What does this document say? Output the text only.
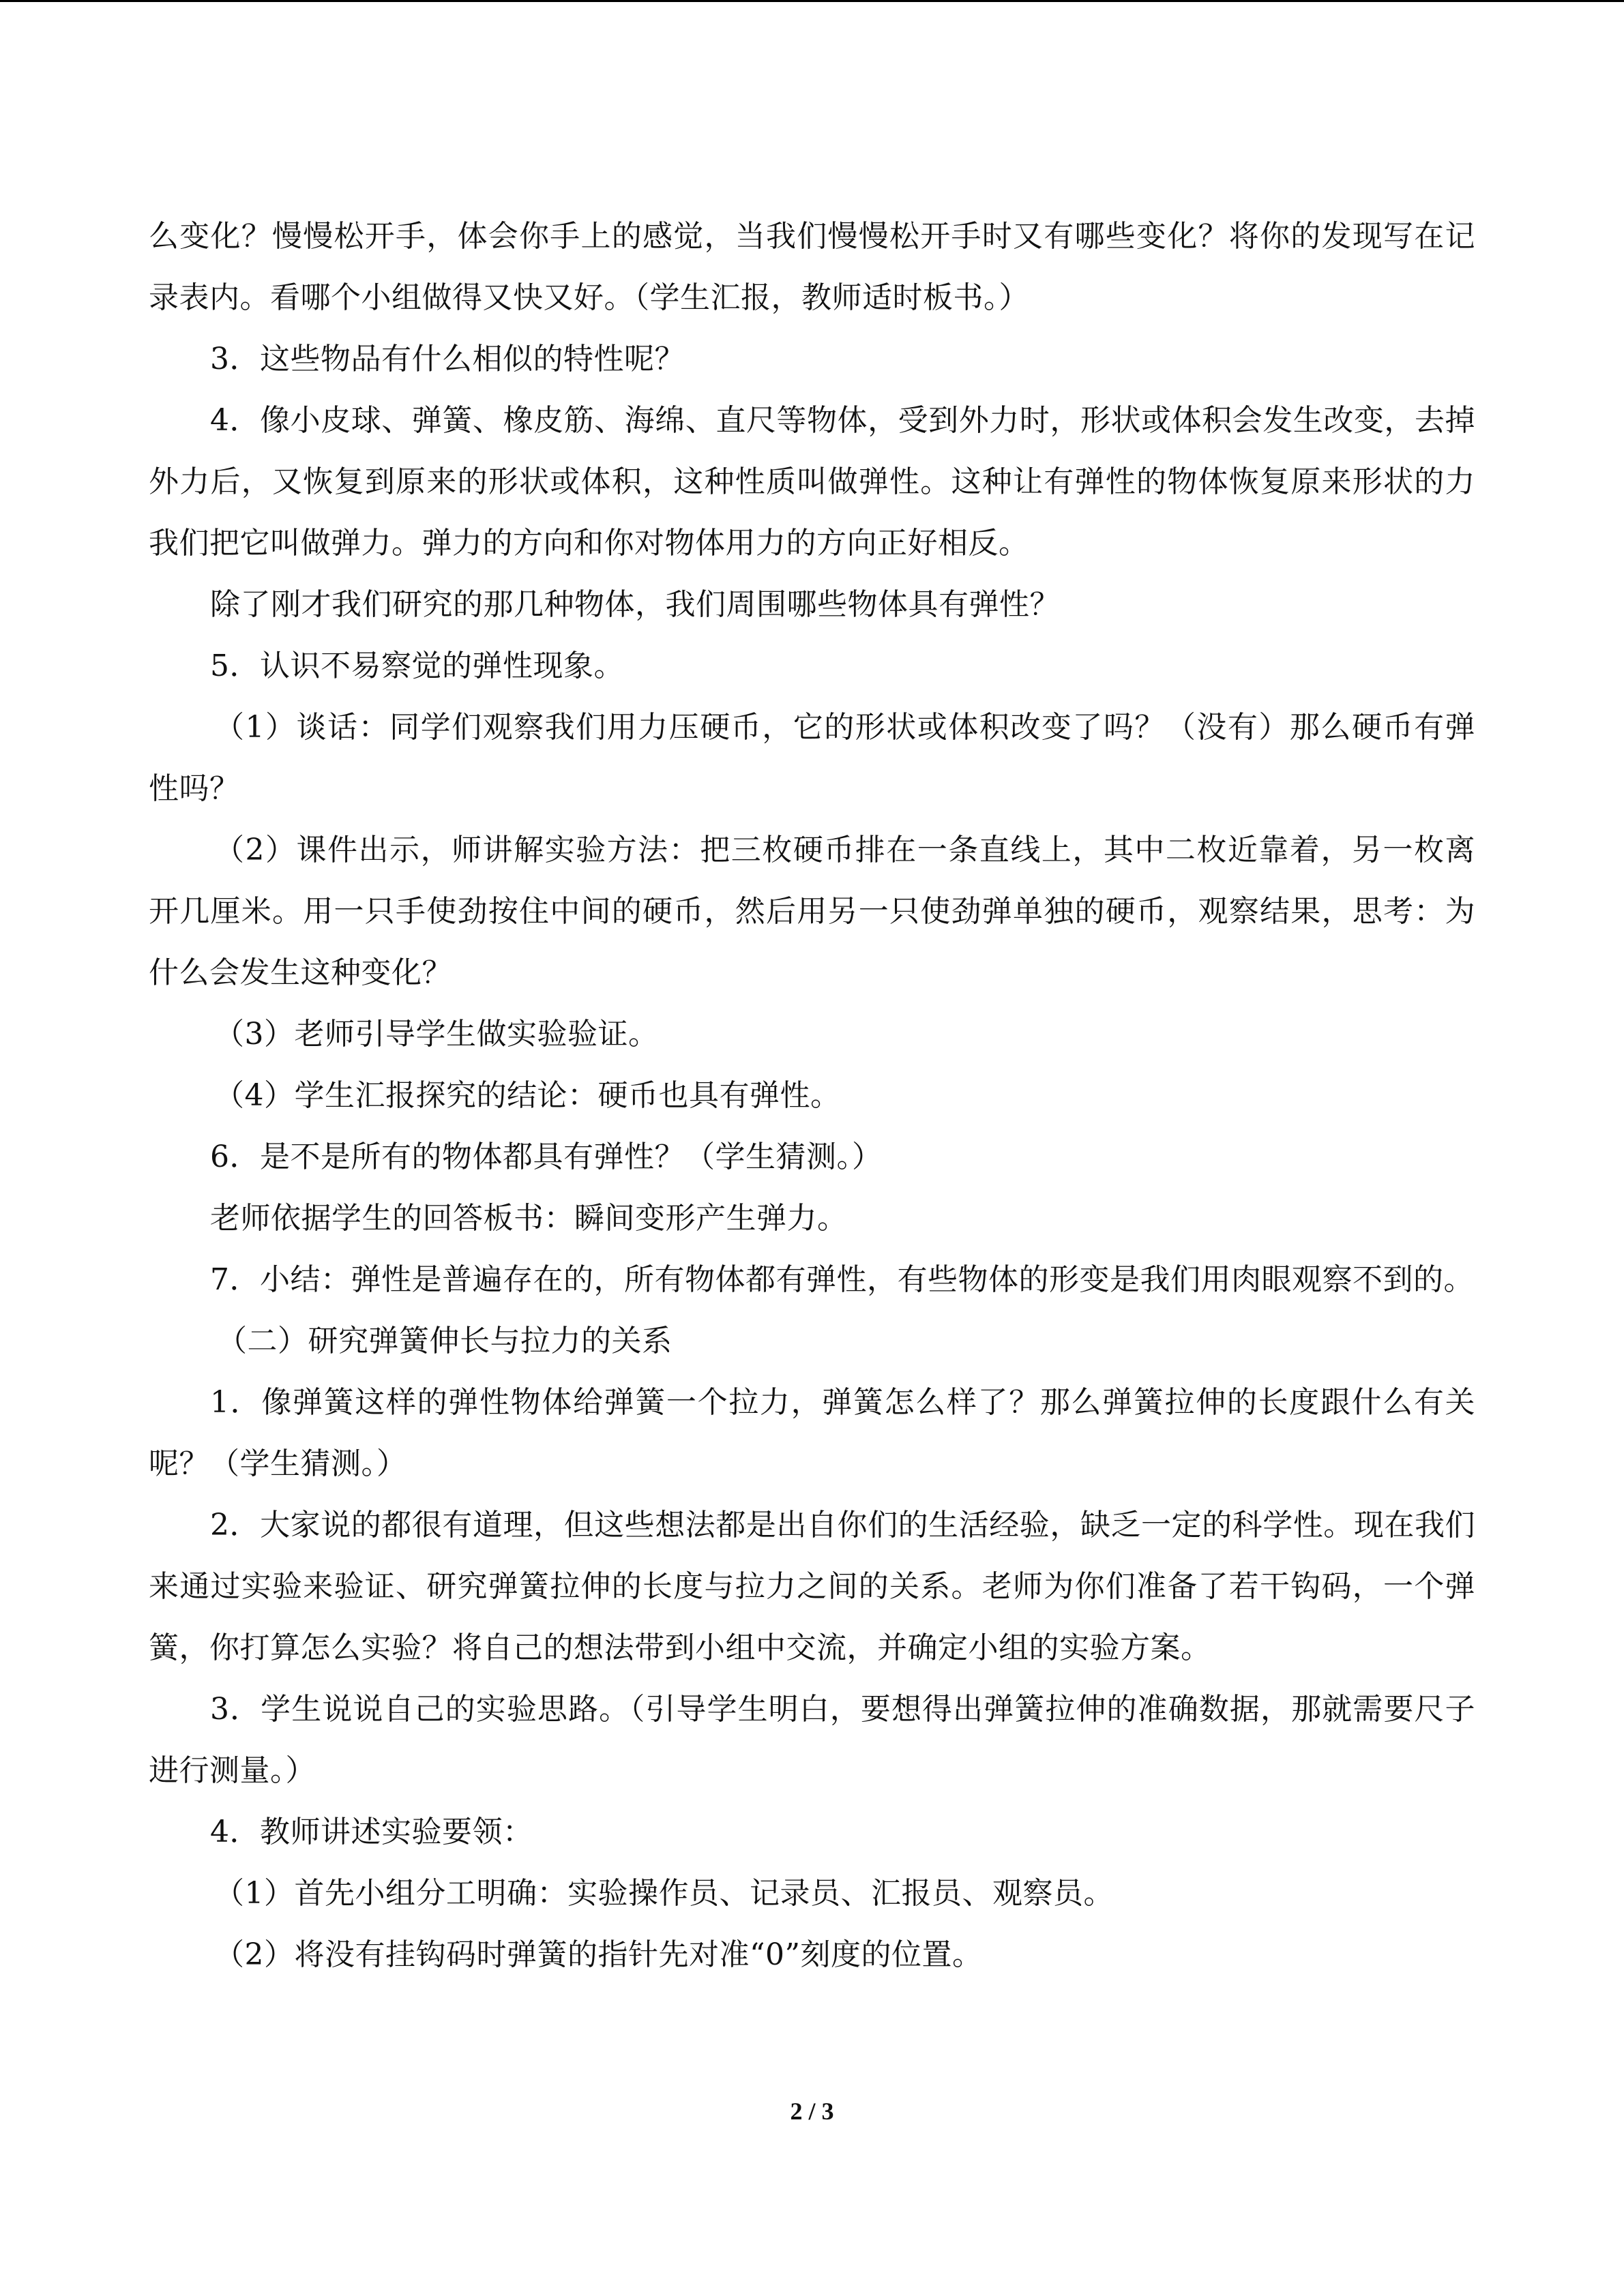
么变化？慢慢松开手，体会你手上的感觉，当我们慢慢松开手时又有哪些变化？将你的发现写在记录表内。看哪个小组做得又快又好。（学生汇报，教师适时板书。）

3．这些物品有什么相似的特性呢？

4．像小皮球、弹簧、橡皮筋、海绵、直尺等物体，受到外力时，形状或体积会发生改变，去掉外力后，又恢复到原来的形状或体积，这种性质叫做弹性。这种让有弹性的物体恢复原来形状的力我们把它叫做弹力。弹力的方向和你对物体用力的方向正好相反。

除了刚才我们研究的那几种物体，我们周围哪些物体具有弹性？

5．认识不易察觉的弹性现象。

（1）谈话：同学们观察我们用力压硬币，它的形状或体积改变了吗？（没有）那么硬币有弹性吗？

（2）课件出示，师讲解实验方法：把三枚硬币排在一条直线上，其中二枚近靠着，另一枚离开几厘米。用一只手使劲按住中间的硬币，然后用另一只使劲弹单独的硬币，观察结果，思考：为什么会发生这种变化？

（3）老师引导学生做实验验证。

（4）学生汇报探究的结论：硬币也具有弹性。

6．是不是所有的物体都具有弹性？（学生猜测。）

老师依据学生的回答板书：瞬间变形产生弹力。

7．小结：弹性是普遍存在的，所有物体都有弹性，有些物体的形变是我们用肉眼观察不到的。

（二）研究弹簧伸长与拉力的关系

1．像弹簧这样的弹性物体给弹簧一个拉力，弹簧怎么样了？那么弹簧拉伸的长度跟什么有关呢？（学生猜测。）

2．大家说的都很有道理，但这些想法都是出自你们的生活经验，缺乏一定的科学性。现在我们来通过实验来验证、研究弹簧拉伸的长度与拉力之间的关系。老师为你们准备了若干钩码，一个弹簧，你打算怎么实验？将自己的想法带到小组中交流，并确定小组的实验方案。

3．学生说说自己的实验思路。（引导学生明白，要想得出弹簧拉伸的准确数据，那就需要尺子进行测量。）

4．教师讲述实验要领：

（1）首先小组分工明确：实验操作员、记录员、汇报员、观察员。

（2）将没有挂钩码时弹簧的指针先对准“0”刻度的位置。

2 / 3
